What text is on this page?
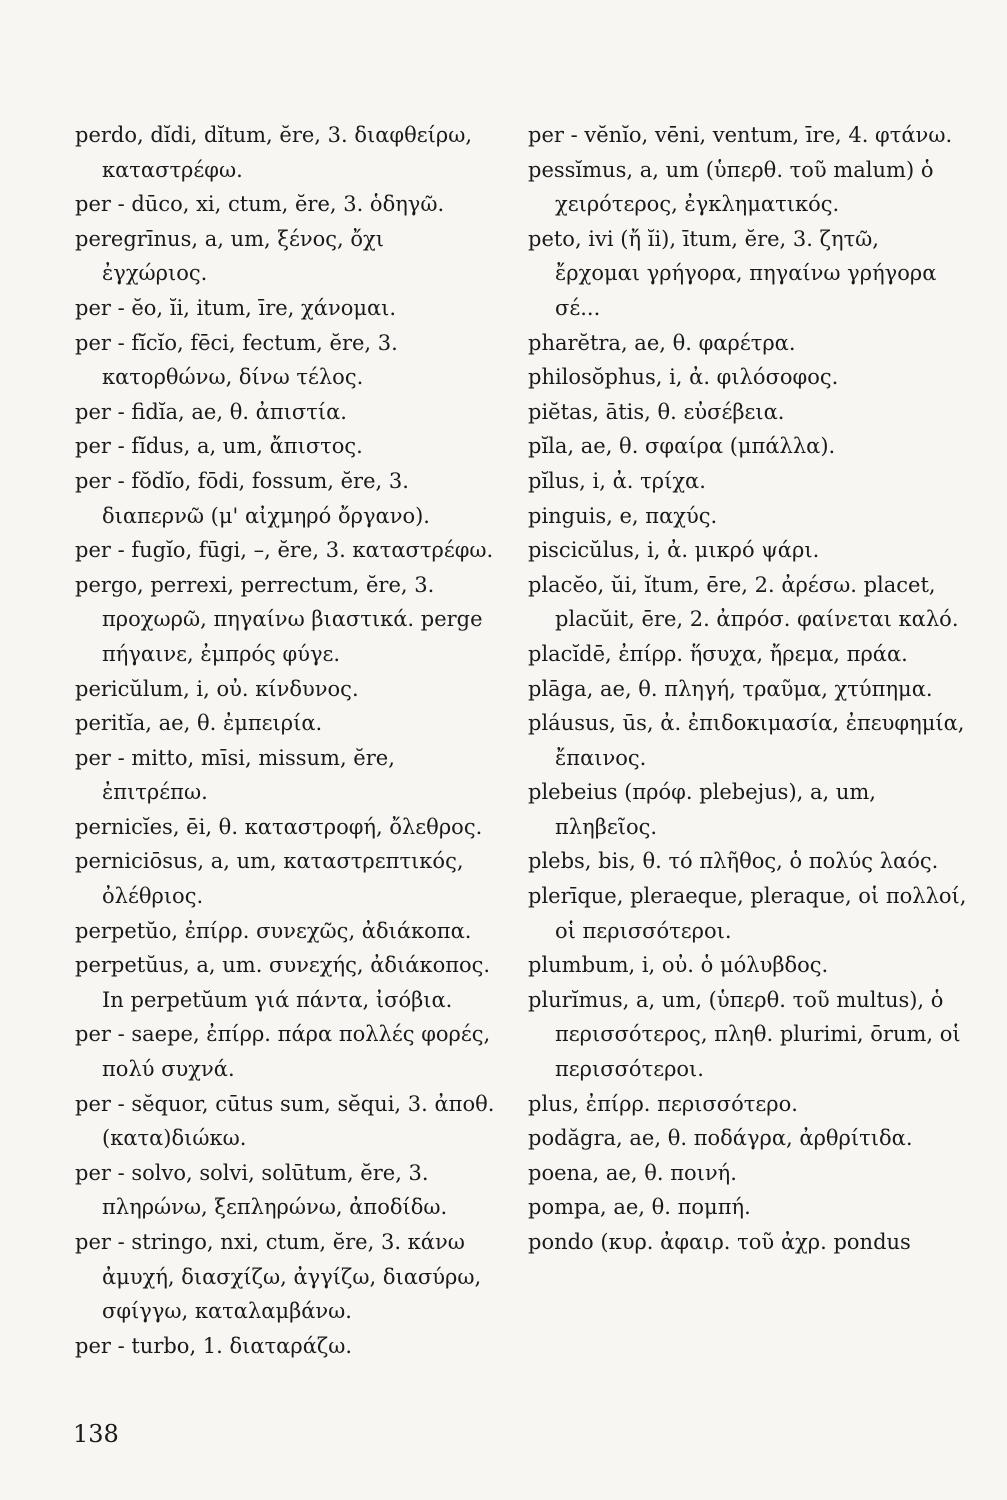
perdo, dĭdi, dĭtum, ĕre, 3. διαφθείρω, καταστρέφω.

per - dūco, xi, ctum, ĕre, 3. ὁδηγῶ.

peregrīnus, a, um, ξένος, ὄχι ἐγχώριος.

per - ĕo, ĭi, itum, īre, χάνομαι.

per - fĭcĭo, fēci, fectum, ĕre, 3. κατορθώνω, δίνω τέλος.

per - fidĭa, ae, θ. ἀπιστία.

per - fĭdus, a, um, ἄπιστος.

per - fŏdĭo, fōdi, fossum, ĕre, 3. διαπερνῶ (μ' αἰχμηρό ὄργανο).

per - fugĭo, fūgi, –, ĕre, 3. καταστρέφω.

pergo, perrexi, perrectum, ĕre, 3. προχωρῶ, πηγαίνω βιαστικά. perge πήγαινε, ἐμπρός φύγε.

pericŭlum, i, οὐ. κίνδυνος.

peritĭa, ae, θ. ἐμπειρία.

per - mitto, mīsi, missum, ĕre, ἐπιτρέπω.

pernicĭes, ēi, θ. καταστροφή, ὄλεθρος.

perniciōsus, a, um, καταστρεπτικός, ὀλέθριος.

perpetŭo, ἐπίρρ. συνεχῶς, ἀδιάκοπα.

perpetŭus, a, um. συνεχής, ἀδιάκοπος. In perpetŭum γιά πάντα, ἰσόβια.

per - saepe, ἐπίρρ. πάρα πολλές φορές, πολύ συχνά.

per - sĕquor, cūtus sum, sĕqui, 3. ἀποθ. (κατα)διώκω.

per - solvo, solvi, solūtum, ĕre, 3. πληρώνω, ξεπληρώνω, ἀποδίδω.

per - stringo, nxi, ctum, ĕre, 3. κάνω ἀμυχή, διασχίζω, ἀγγίζω, διασύρω, σφίγγω, καταλαμβάνω.

per - turbo, 1. διαταράζω.

per - vĕnĭo, vēni, ventum, īre, 4. φτάνω.

pessĭmus, a, um (ὑπερθ. τοῦ malum) ὁ χειρότερος, ἐγκληματικός.

peto, ivi (ἤ ĭi), ītum, ĕre, 3. ζητῶ, ἔρχομαι γρήγορα, πηγαίνω γρήγορα σέ...

pharĕtra, ae, θ. φαρέτρα.

philosŏphus, i, ἀ. φιλόσοφος.

piĕtas, ātis, θ. εὐσέβεια.

pĭla, ae, θ. σφαίρα (μπάλλα).

pĭlus, i, ἀ. τρίχα.

pinguis, e, παχύς.

piscicŭlus, i, ἀ. μικρό ψάρι.

placĕo, ŭi, ĭtum, ēre, 2. ἀρέσω. placet, placŭit, ēre, 2. ἀπρόσ. φαίνεται καλό.

placĭdē, ἐπίρρ. ἥσυχα, ἤρεμα, πράα.

plāga, ae, θ. πληγή, τραῦμα, χτύπημα.

pláusus, ūs, ἀ. ἐπιδοκιμασία, ἐπευφημία, ἔπαινος.

plebeius (πρόφ. plebejus), a, um, πληβεῖος.

plebs, bis, θ. τό πλῆθος, ὁ πολύς λαός.

plerīque, pleraeque, pleraque, οἱ πολλοί, οἱ περισσότεροι.

plumbum, i, οὐ. ὁ μόλυβδος.

plurĭmus, a, um, (ὑπερθ. τοῦ multus), ὁ περισσότερος, πληθ. plurimi, ōrum, οἱ περισσότεροι.

plus, ἐπίρρ. περισσότερο.

podăgra, ae, θ. ποδάγρα, ἀρθρίτιδα.

poena, ae, θ. ποινή.

pompa, ae, θ. πομπή.

pondo (κυρ. ἀφαιρ. τοῦ ἀχρ. pondus

138
